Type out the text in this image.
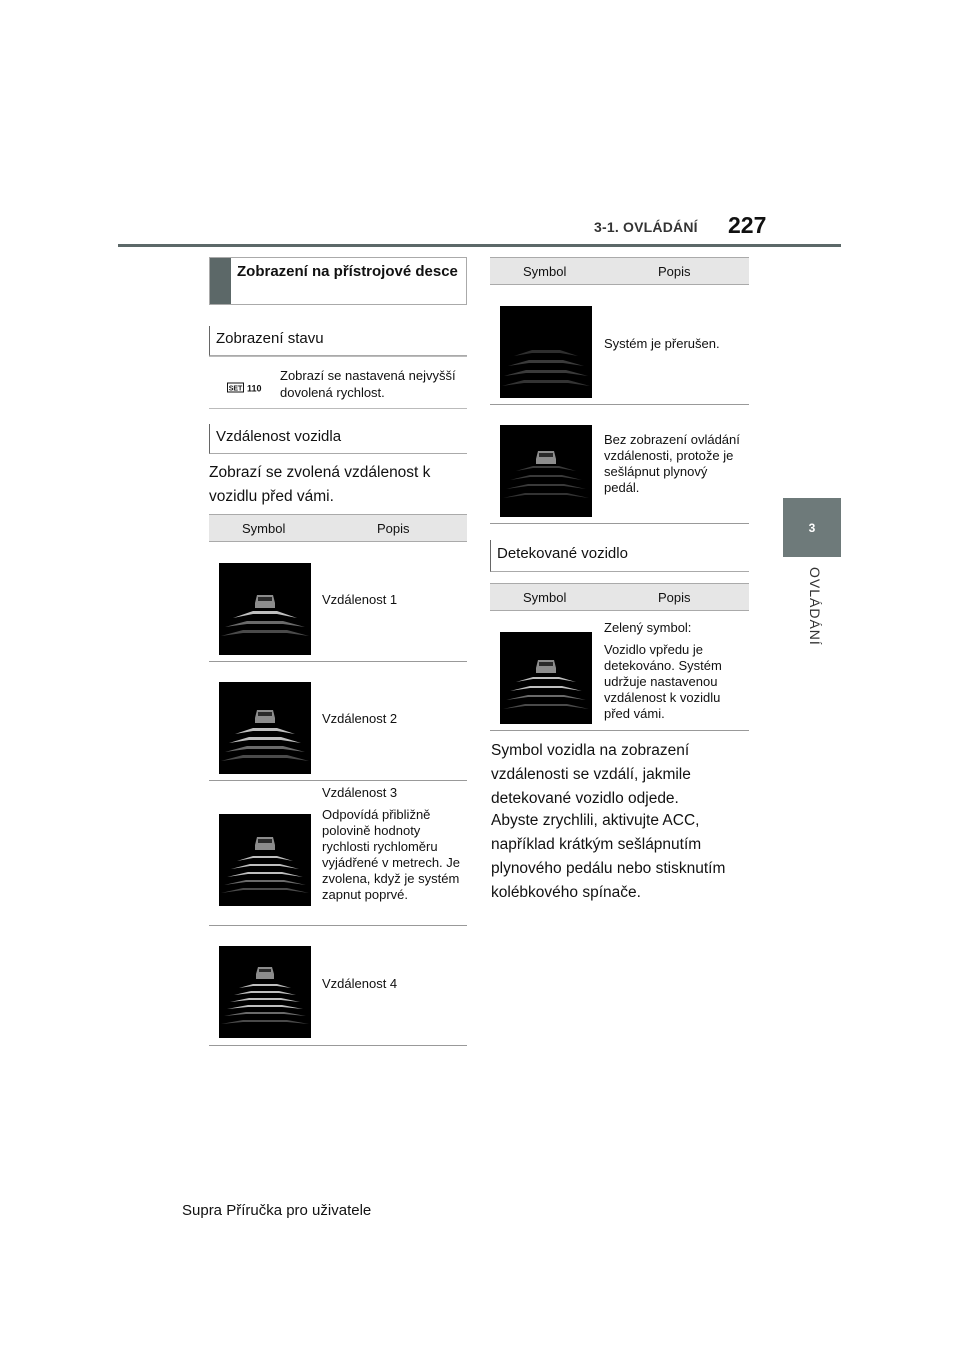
3-1. OVLÁDÁNÍ 227
3
OVLÁDÁNÍ
Zobrazení na přístrojové desce
Zobrazení stavu
SET 110
Zobrazí se nastavená nejvyšší dovolená rychlost.
Vzdálenost vozidla
Zobrazí se zvolená vzdálenost k vozidlu před vámi.
Symbol	Popis

Vzdálenost 1

Vzdálenost 2

Vzdálenost 3

Odpovídá přibližně polovině hodnoty rychlosti rychloměru vyjádřené v metrech. Je zvolena, když je systém zapnut poprvé.

Vzdálenost 4

Symbol	Popis

Systém je přerušen.

Bez zobrazení ovládání vzdálenosti, protože je sešlápnut plynový pedál.

Detekované vozidlo
Symbol	Popis

Zelený symbol:

Vozidlo vpředu je detekováno. Systém udržuje nastavenou vzdálenost k vozidlu před vámi.

Symbol vozidla na zobrazení vzdálenosti se vzdálí, jakmile detekované vozidlo odjede.
Abyste zrychlili, aktivujte ACC, například krátkým sešlápnutím plynového pedálu nebo stisknutím kolébkového spínače.
Supra Příručka pro uživatele
